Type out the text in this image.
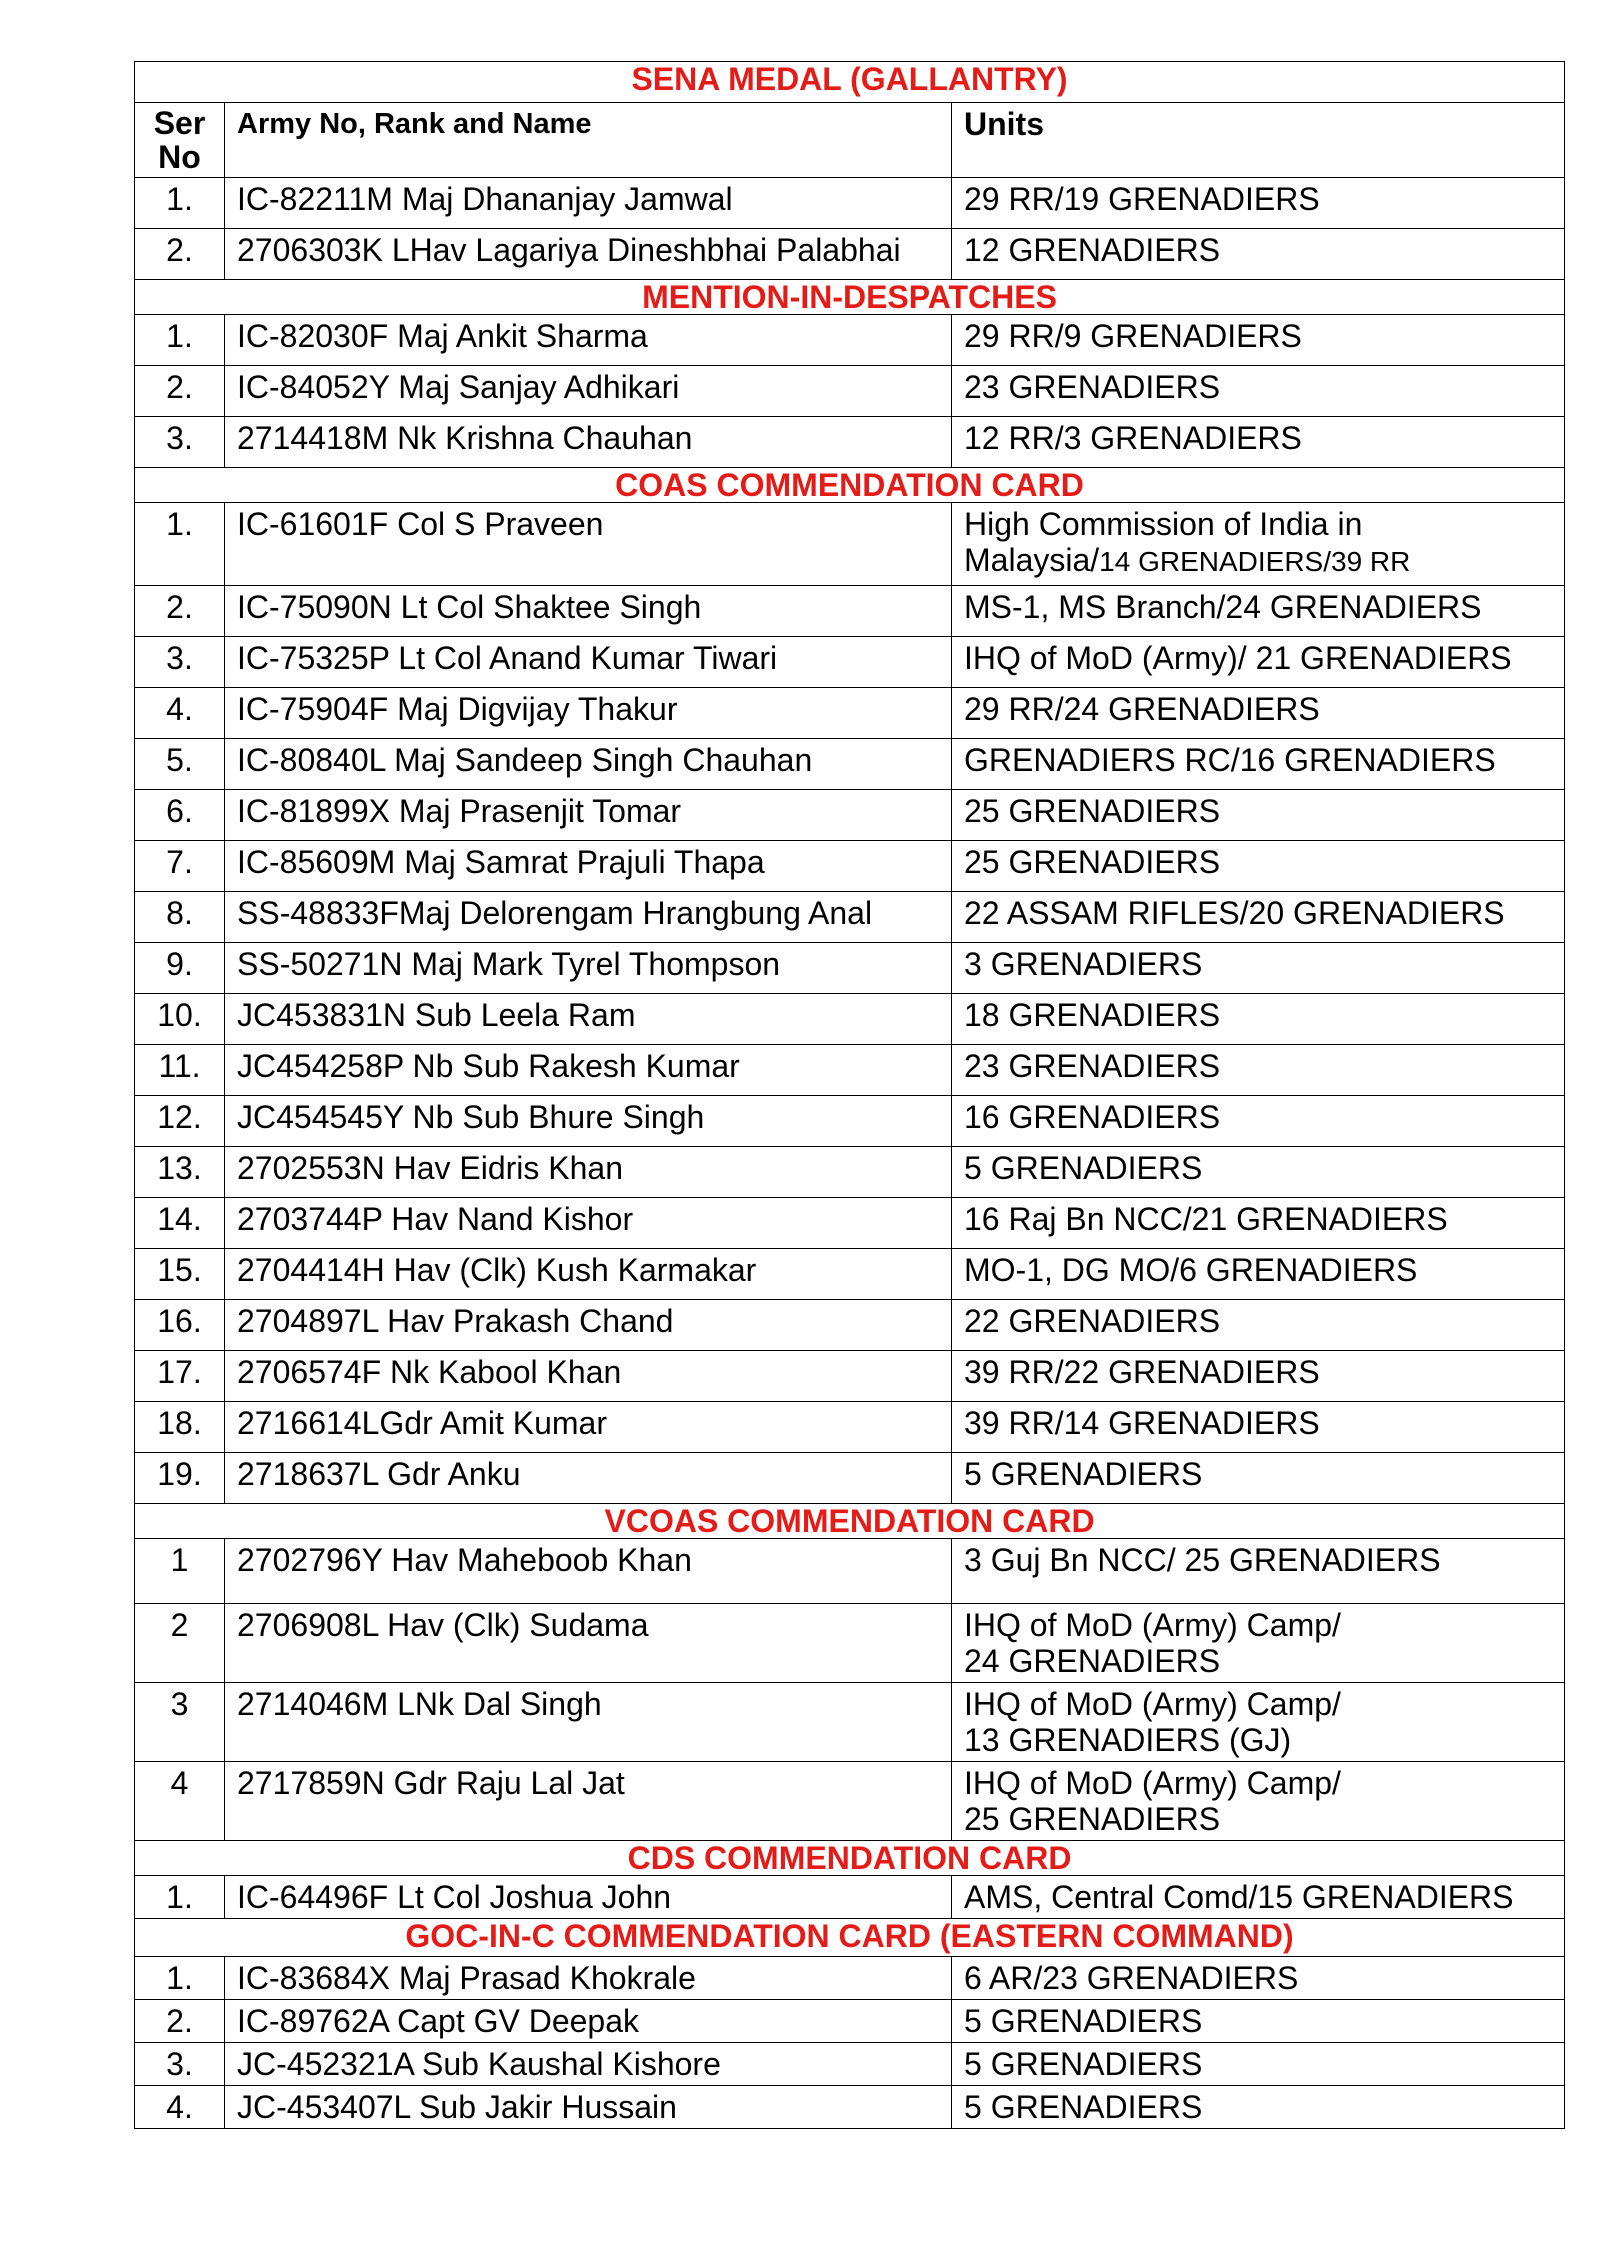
SENA MEDAL (GALLANTRY)		
Ser
No	Army No, Rank and Name	Units
1.	IC-82211M Maj Dhananjay Jamwal	29 RR/19 GRENADIERS
2.	2706303K LHav Lagariya Dineshbhai Palabhai	12 GRENADIERS
MENTION-IN-DESPATCHES		
1.	IC-82030F Maj Ankit Sharma	29 RR/9 GRENADIERS
2.	IC-84052Y Maj Sanjay Adhikari	23 GRENADIERS
3.	2714418M Nk Krishna Chauhan	12 RR/3 GRENADIERS
COAS COMMENDATION CARD		
1.	IC-61601F Col S Praveen	High Commission of India in
Malaysia/14 GRENADIERS/39 RR

2.	IC-75090N Lt Col Shaktee Singh	MS-1, MS Branch/24 GRENADIERS
3.	IC-75325P Lt Col Anand Kumar Tiwari	IHQ of MoD (Army)/ 21 GRENADIERS
4.	IC-75904F Maj Digvijay Thakur	29 RR/24 GRENADIERS
5.	IC-80840L Maj Sandeep Singh Chauhan	GRENADIERS RC/16 GRENADIERS
6.	IC-81899X Maj Prasenjit Tomar	25 GRENADIERS
7.	IC-85609M Maj Samrat Prajuli Thapa	25 GRENADIERS
8.	SS-48833FMaj Delorengam Hrangbung Anal	22 ASSAM RIFLES/20 GRENADIERS
9.	SS-50271N Maj Mark Tyrel Thompson	3 GRENADIERS
10.	JC453831N Sub Leela Ram	18 GRENADIERS
11.	JC454258P Nb Sub Rakesh Kumar	23 GRENADIERS
12.	JC454545Y Nb Sub Bhure Singh	16 GRENADIERS
13.	2702553N Hav Eidris Khan	5 GRENADIERS
14.	2703744P Hav Nand Kishor	16 Raj Bn NCC/21 GRENADIERS
15.	2704414H Hav (Clk) Kush Karmakar	MO-1, DG MO/6 GRENADIERS
16.	2704897L Hav Prakash Chand	22 GRENADIERS
17.	2706574F Nk Kabool Khan	39 RR/22 GRENADIERS
18.	2716614LGdr Amit Kumar	39 RR/14 GRENADIERS
19.	2718637L Gdr Anku	5 GRENADIERS
VCOAS COMMENDATION CARD		
1	2702796Y Hav Maheboob Khan	3 Guj Bn NCC/ 25 GRENADIERS

2	2706908L Hav (Clk) Sudama	IHQ of MoD (Army) Camp/
24 GRENADIERS

3	2714046M LNk Dal Singh	IHQ of MoD (Army) Camp/
13 GRENADIERS (GJ)

4	2717859N Gdr Raju Lal Jat	IHQ of MoD (Army) Camp/
25 GRENADIERS

CDS COMMENDATION CARD		
1.	IC-64496F Lt Col Joshua John	AMS, Central Comd/15 GRENADIERS
GOC-IN-C COMMENDATION CARD (EASTERN COMMAND)		
1.	IC-83684X Maj Prasad Khokrale	6 AR/23 GRENADIERS
2.	IC-89762A Capt GV Deepak	5 GRENADIERS
3.	JC-452321A Sub Kaushal Kishore	5 GRENADIERS
4.	JC-453407L Sub Jakir Hussain	5 GRENADIERS
